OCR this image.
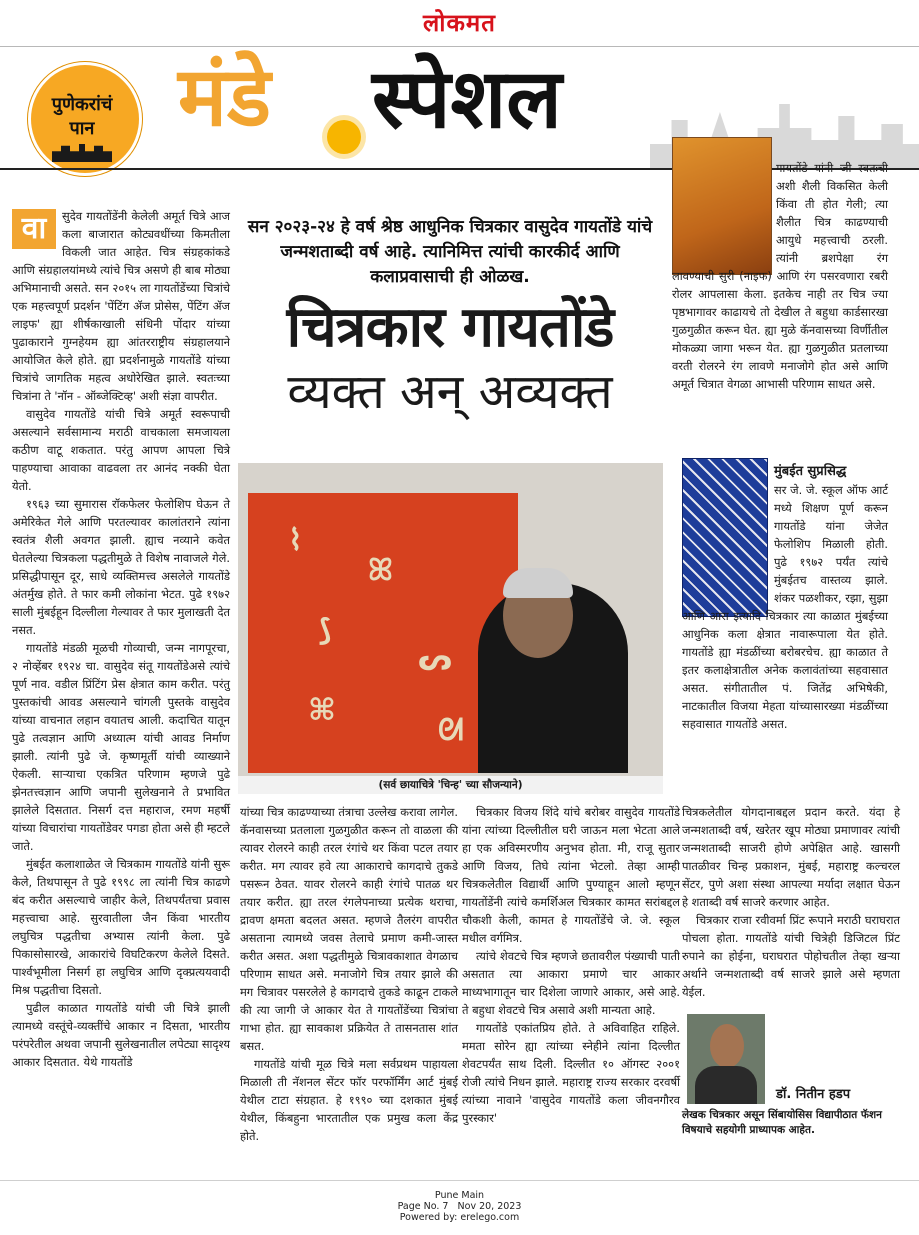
लोकमत
पुणेकरांचं
पान	मंडे स्पेशल
सन २०२३-२४ हे वर्ष श्रेष्ठ आधुनिक चित्रकार वासुदेव गायतोंडे यांचे जन्मशताब्दी वर्ष आहे. त्यानिमित्त त्यांची कारकीर्द आणि कलाप्रवासाची ही ओळख.
चित्रकार गायतोंडे
व्यक्त अन् अव्यक्त
वा	सुदेव गायतोंडेंनी केलेली अमूर्त चित्रे आज कला बाजारात कोट्यवधींच्या किमतीला विकली जात आहेत. चित्र संग्रहकांकडे आणि संग्रहालयांमध्ये त्यांचे चित्र असणे ही बाब मोठ्या अभिमानाची असते. सन २०१५ ला गायतोंडेंच्या चित्रांचे एक महत्त्वपूर्ण प्रदर्शन 'पेंटिंग ॲज प्रोसेस, पेंटिंग ॲज लाइफ' ह्या शीर्षकाखाली संधिनी पोंदार यांच्या पुढाकाराने गुग्नहेयम ह्या आंतरराष्ट्रीय संग्रहालयाने आयोजित केले होते. ह्या प्रदर्शनामुळे गायतोंडे यांच्या चित्रांचे जागतिक महत्व अधोरेखित झाले. स्वतःच्या चित्रांना ते 'नॉन - ऑब्जेक्टिव्ह' अशी संज्ञा वापरीत.

वासुदेव गायतोंडे यांची चित्रे अमूर्त स्वरूपाची असल्याने सर्वसामान्य मराठी वाचकाला समजायला कठीण वाटू शकतात. परंतु आपण आपला चित्रे पाहण्याचा आवाका वाढवला तर आनंद नक्की घेता येतो.

१९६३ च्या सुमारास रॉकफेलर फेलोशिप घेऊन ते अमेरिकेत गेले आणि परतल्यावर कालांतराने त्यांना स्वतंत्र शैली अवगत झाली. ह्याच नव्याने कवेत घेतलेल्या चित्रकला पद्धतीमुळे ते विशेष नावाजले गेले. प्रसिद्धीपासून दूर, साधे व्यक्तिमत्त्व असलेले गायतोंडे अंतर्मुख होते. ते फार कमी लोकांना भेटत. पुढे १९७२ साली मुंबईहून दिल्लीला गेल्यावर ते फार मुलाखती देत नसत.

गायतोंडे मंडळी मूळची गोव्याची, जन्म नागपूरचा, २ नोव्हेंबर १९२४ चा. वासुदेव संतू गायतोंडेअसे त्यांचे पूर्ण नाव. वडील प्रिंटिंग प्रेस क्षेत्रात काम करीत. परंतु पुस्तकांची आवड असल्याने चांगली पुस्तके वासुदेव यांच्या वाचनात लहान वयातच आली. कदाचित यातून पुढे तत्वज्ञान आणि अध्यात्म यांची आवड निर्माण झाली. त्यांनी पुढे जे. कृष्णमूर्ती यांची व्याख्याने ऐकली. साऱ्याचा एकत्रित परिणाम म्हणजे पुढे झेनतत्त्वज्ञान आणि जपानी सुलेखनाने ते प्रभावित झालेले दिसतात. निसर्ग दत्त महाराज, रमण महर्षी यांच्या विचारांचा गायतोंडेवर पगडा होता असे ही म्हटले जाते.

मुंबईत कलाशाळेत जे चित्रकाम गायतोंडे यांनी सुरू केले, तिथपासून ते पुढे १९९८ ला त्यांनी चित्र काढणे बंद करीत असल्याचे जाहीर केले, तिथपर्यंतचा प्रवास महत्त्वाचा आहे. सुरवातीला जैन किंवा भारतीय लघुचित्र पद्धतीचा अभ्यास त्यांनी केला. पुढे पिकासोसारखे, आकारांचे विघटिकरण केलेले दिसते. पार्श्वभूमीला निसर्ग हा लघुचित्र आणि दृक्प्रत्ययवादी मिश्र पद्धतीचा दिसतो.

पुढील काळात गायतोंडे यांची जी चित्रे झाली त्यामध्ये वस्तूंचे-व्यक्तींचे आकार न दिसता, भारतीय परंपरेतील अथवा जपानी सुलेखनातील लपेट्या सादृश्य आकार दिसतात. येथे गायतोंडे

⌇
ꕤ
⟆
ᔕ
⌘
ᘛ
(सर्व छायाचित्रे 'चिन्ह' च्या सौजन्याने)

गायतोंडे यांनी जी स्वतःची अशी शैली विकसित केली किंवा ती होत गेली; त्या शैलीत चित्र काढण्याची आयुधे महत्त्वाची ठरली. त्यांनी ब्रशपेक्षा रंग लावण्याची सुरी (नाइफ) आणि रंग पसरवणारा रबरी रोलर आपलासा केला. इतकेच नाही तर चित्र ज्या पृष्ठभागावर काढायचे तो देखील ते बहुधा कार्डसारखा गुळगुळीत करून घेत. ह्या मुळे कॅनवासच्या विर्णीतील मोकळ्या जागा भरून येत. ह्या गुळगुळीत प्रतलाच्या वरती रोलरने रंग लावणे मनाजोगे होत असे आणि अमूर्त चित्रात वेगळा आभासी परिणाम साधत असे.

मुंबईत सुप्रसिद्ध

सर जे. जे. स्कूल ऑफ आर्ट मध्ये शिक्षण पूर्ण करून गायतोंडे यांना जेजेत फेलोशिप मिळाली होती. पुढे १९७२ पर्यंत त्यांचे मुंबईतच वास्तव्य झाले. शंकर पळशीकर, रझा, सुझा आणि आरा इत्यादि चित्रकार त्या काळात मुंबईच्या आधुनिक कला क्षेत्रात नावारूपाला येत होते. गायतोंडे ह्या मंडळींच्या बरोबरचेच. ह्या काळात ते इतर कलाक्षेत्रातील अनेक कलावंतांच्या सहवासात असत. संगीतातील पं. जितेंद्र अभिषेकी, नाटकातील विजया मेहता यांच्यासारख्या मंडळींच्या सहवासात गायतोंडे असत.

यांच्या चित्र काढण्याच्या तंत्राचा उल्लेख करावा लागेल. कॅनवासच्या प्रतलाला गुळगुळीत करून तो वाळला की त्यावर रोलरने काही तरल रंगांचे थर किंवा पटल तयार करीत. मग त्यावर हवे त्या आकाराचे कागदाचे तुकडे पसरून ठेवत. यावर रोलरने काही रंगांचे पातळ थर तयार करीत. ह्या तरल रंगलेपनाच्या प्रत्येक थराचा, द्रावण क्षमता बदलत असत. म्हणजे तैलरंग वापरीत असताना त्यामध्ये जवस तेलाचे प्रमाण कमी-जास्त करीत असत. अशा पद्धतीमुळे चित्रावकाशात वेगळाच परिणाम साधत असे. मनाजोगे चित्र तयार झाले की मग चित्रावर पसरलेले हे कागदाचे तुकडे काढून टाकले की त्या जागी जे आकार येत ते गायतोंडेंच्या चित्रांचा गाभा होत. ह्या सावकाश प्रक्रियेत ते तासनतास शांत बसत.

गायतोंडे यांची मूळ चित्रे मला सर्वप्रथम पाहायला मिळाली ती नॅशनल सेंटर फॉर परफॉर्मिंग आर्ट मुंबई येथील टाटा संग्रहात. हे १९९० च्या दशकात मुंबई येथील, किंबहुना भारतातील एक प्रमुख कला केंद्र होते.

चित्रकार विजय शिंदे यांचे बरोबर वासुदेव गायतोंडे यांना त्यांच्या दिल्लीतील घरी जाऊन मला भेटता आले हा एक अविस्मरणीय अनुभव होता. मी, राजू सुतार आणि विजय, तिघे त्यांना भेटलो. तेव्हा आम्ही चित्रकलेतील विद्यार्थी आणि पुण्याहून आलो म्हणून गायतोंडेंनी त्यांचे कमर्शिअल चित्रकार कामत सरांबद्दल चौकशी केली, कामत हे गायतोंडेंचे जे. जे. स्कूल मधील वर्गमित्र.

त्यांचे शेवटचे चित्र म्हणजे छतावरील पंख्याची पाती असतात त्या आकारा प्रमाणे चार आकार माध्यभागातून चार दिशेला जाणारे आकार, असे आहे. ते बहुधा शेवटचे चित्र असावे अशी मान्यता आहे.

गायतोंडे एकांतप्रिय होते. ते अविवाहित राहिले. ममता सोरेन ह्या त्यांच्या स्नेहीने त्यांना दिल्लीत शेवटपर्यंत साथ दिली. दिल्लीत १० ऑगस्ट २००१ रोजी त्यांचे निधन झाले. महाराष्ट्र राज्य सरकार दरवर्षी त्यांच्या नावाने 'वासुदेव गायतोंडे कला जीवनगौरव पुरस्कार'

चित्रकलेतील योगदानाबद्दल प्रदान करते. यंदा हे जन्मशताब्दी वर्ष, खरेतर खूप मोठ्या प्रमाणावर त्यांची जन्मशताब्दी साजरी होणे अपेक्षित आहे. खासगी पातळीवर चिन्ह प्रकाशन, मुंबई, महाराष्ट्र कल्चरल सेंटर, पुणे अशा संस्था आपल्या मर्यादा लक्षात घेऊन हे शताब्दी वर्ष साजरे करणार आहेत.

चित्रकार राजा रवीवर्मा प्रिंट रूपाने मराठी घराघरात पोचला होता. गायतोंडे यांची चित्रेही डिजिटल प्रिंट रुपाने का होईना, घराघरात पोहोचतील तेव्हा खऱ्या अर्थाने जन्मशताब्दी वर्ष साजरे झाले असे म्हणता येईल.

डॉ. नितीन हडप
लेखक चित्रकार असून सिंबायोसिस विद्यापीठात फॅशन विषयाचे सहयोगी प्राध्यापक आहेत.
Pune Main
Page No. 7   Nov 20, 2023
Powered by: erelego.com
